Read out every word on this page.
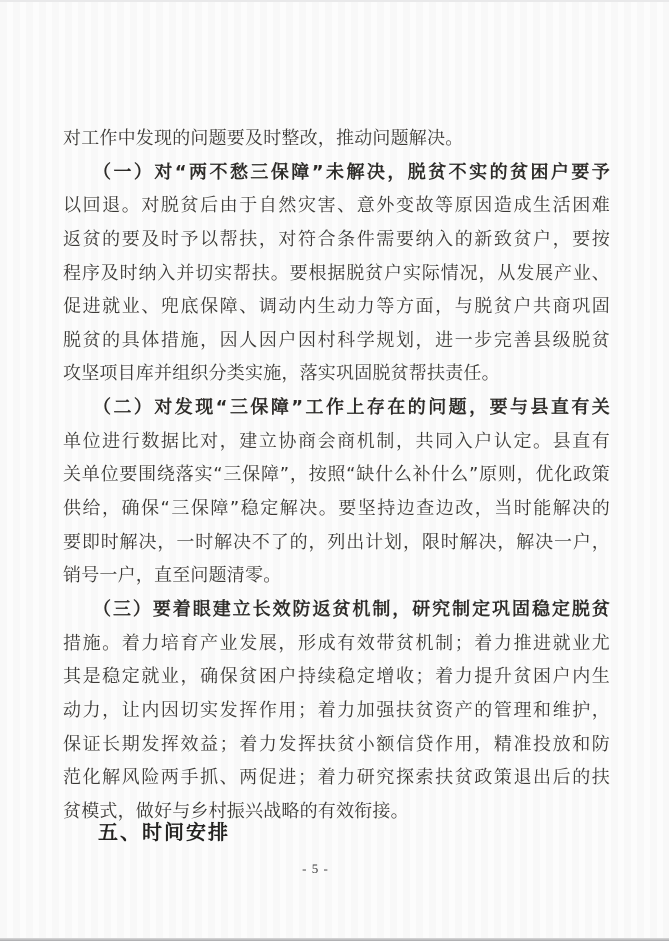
对工作中发现的问题要及时整改，推动问题解决。
（一）对“两不愁三保障”未解决，脱贫不实的贫困户要予
以回退。对脱贫后由于自然灾害、意外变故等原因造成生活困难
返贫的要及时予以帮扶，对符合条件需要纳入的新致贫户，要按
程序及时纳入并切实帮扶。要根据脱贫户实际情况，从发展产业、
促进就业、兜底保障、调动内生动力等方面，与脱贫户共商巩固
脱贫的具体措施，因人因户因村科学规划，进一步完善县级脱贫
攻坚项目库并组织分类实施，落实巩固脱贫帮扶责任。
（二）对发现“三保障”工作上存在的问题，要与县直有关
单位进行数据比对，建立协商会商机制，共同入户认定。县直有
关单位要围绕落实“三保障”，按照“缺什么补什么”原则，优化政策
供给，确保“三保障”稳定解决。要坚持边查边改，当时能解决的
要即时解决，一时解决不了的，列出计划，限时解决，解决一户，
销号一户，直至问题清零。
（三）要着眼建立长效防返贫机制，研究制定巩固稳定脱贫
措施。着力培育产业发展，形成有效带贫机制；着力推进就业尤
其是稳定就业，确保贫困户持续稳定增收；着力提升贫困户内生
动力，让内因切实发挥作用；着力加强扶贫资产的管理和维护，
保证长期发挥效益；着力发挥扶贫小额信贷作用，精准投放和防
范化解风险两手抓、两促进；着力研究探索扶贫政策退出后的扶
贫模式，做好与乡村振兴战略的有效衔接。
五、时间安排
- 5 -
